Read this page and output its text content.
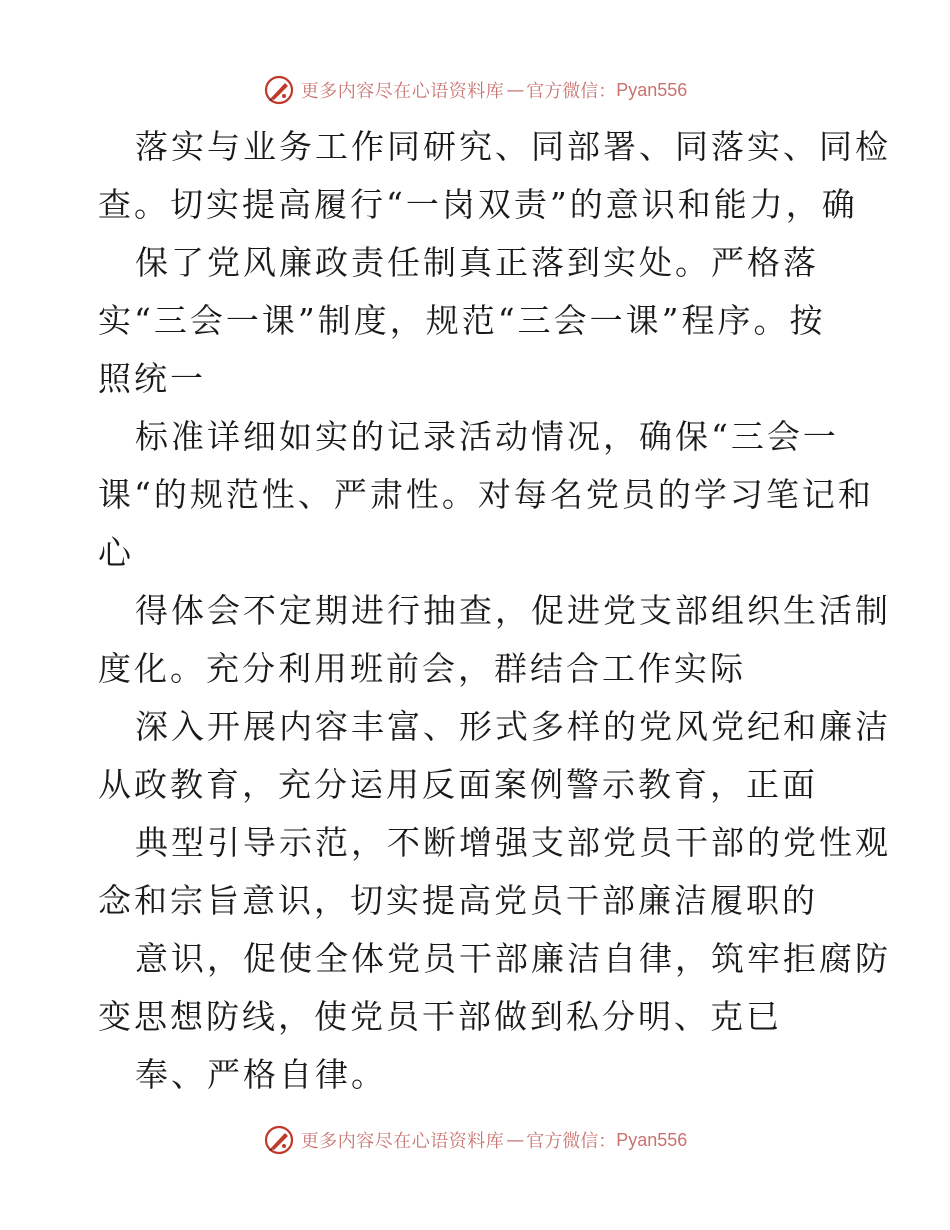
更多内容尽在心语资料库 — 官方微信： Pyan556
落实与业务工作同研究、同部署、同落实、同检
查。切实提高履行“一岗双责”的意识和能力，确
保了党风廉政责任制真正落到实处。严格落
实“三会一课”制度，规范“三会一课”程序。按
照统一
标准详细如实的记录活动情况，确保“三会一
课“的规范性、严肃性。对每名党员的学习笔记和
心
得体会不定期进行抽查，促进党支部组织生活制
度化。充分利用班前会，群结合工作实际
深入开展内容丰富、形式多样的党风党纪和廉洁
从政教育，充分运用反面案例警示教育，正面
典型引导示范，不断增强支部党员干部的党性观
念和宗旨意识，切实提高党员干部廉洁履职的
意识，促使全体党员干部廉洁自律，筑牢拒腐防
变思想防线，使党员干部做到私分明、克已
奉、严格自律。
更多内容尽在心语资料库 — 官方微信： Pyan556
